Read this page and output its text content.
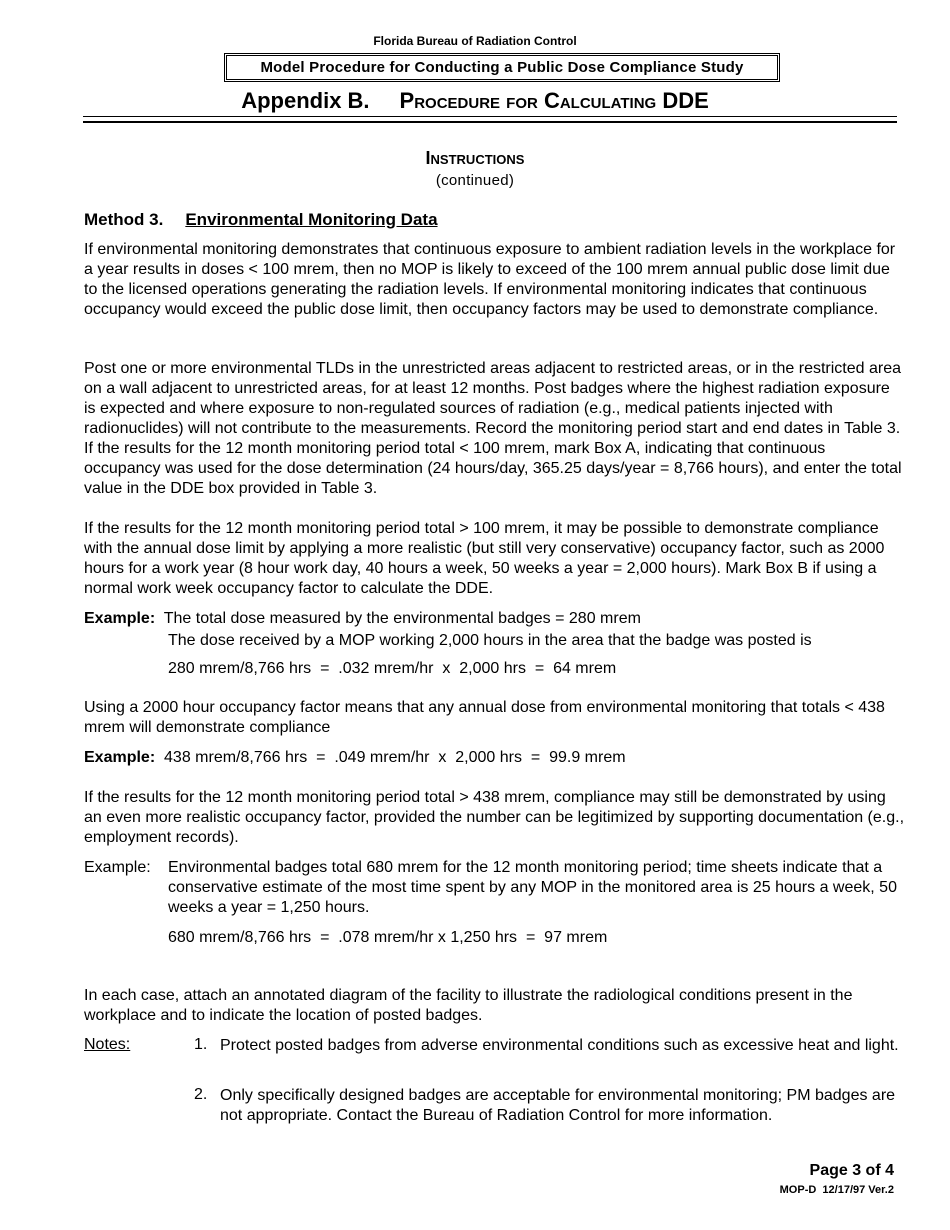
Florida Bureau of Radiation Control
Model Procedure for Conducting a Public Dose Compliance Study
Appendix B. Procedure for Calculating DDE
Instructions
(continued)
Method 3. Environmental Monitoring Data
If environmental monitoring demonstrates that continuous exposure to ambient radiation levels in the workplace for a year results in doses < 100 mrem, then no MOP is likely to exceed of the 100 mrem annual public dose limit due to the licensed operations generating the radiation levels. If environmental monitoring indicates that continuous occupancy would exceed the public dose limit, then occupancy factors may be used to demonstrate compliance.
Post one or more environmental TLDs in the unrestricted areas adjacent to restricted areas, or in the restricted area on a wall adjacent to unrestricted areas, for at least 12 months. Post badges where the highest radiation exposure is expected and where exposure to non-regulated sources of radiation (e.g., medical patients injected with radionuclides) will not contribute to the measurements. Record the monitoring period start and end dates in Table 3. If the results for the 12 month monitoring period total < 100 mrem, mark Box A, indicating that continuous occupancy was used for the dose determination (24 hours/day, 365.25 days/year = 8,766 hours), and enter the total value in the DDE box provided in Table 3.
If the results for the 12 month monitoring period total > 100 mrem, it may be possible to demonstrate compliance with the annual dose limit by applying a more realistic (but still very conservative) occupancy factor, such as 2000 hours for a work year (8 hour work day, 40 hours a week, 50 weeks a year = 2,000 hours). Mark Box B if using a normal work week occupancy factor to calculate the DDE.
Example: The total dose measured by the environmental badges = 280 mrem
The dose received by a MOP working 2,000 hours in the area that the badge was posted is
280 mrem/8,766 hrs  =  .032 mrem/hr  x  2,000 hrs  =  64 mrem
Using a 2000 hour occupancy factor means that any annual dose from environmental monitoring that totals < 438 mrem will demonstrate compliance
Example: 438 mrem/8,766 hrs  =  .049 mrem/hr  x  2,000 hrs  =  99.9 mrem
If the results for the 12 month monitoring period total > 438 mrem, compliance may still be demonstrated by using an even more realistic occupancy factor, provided the number can be legitimized by supporting documentation (e.g., employment records).
Example:	Environmental badges total 680 mrem for the 12 month monitoring period; time sheets indicate that a conservative estimate of the most time spent by any MOP in the monitored area is 25 hours a week, 50 weeks a year = 1,250 hours.
680 mrem/8,766 hrs  =  .078 mrem/hr x 1,250 hrs  =  97 mrem
In each case, attach an annotated diagram of the facility to illustrate the radiological conditions present in the workplace and to indicate the location of posted badges.
Notes:	1. Protect posted badges from adverse environmental conditions such as excessive heat and light.
2. Only specifically designed badges are acceptable for environmental monitoring; PM badges are not appropriate. Contact the Bureau of Radiation Control for more information.
Page 3 of 4
MOP-D  12/17/97 Ver.2
